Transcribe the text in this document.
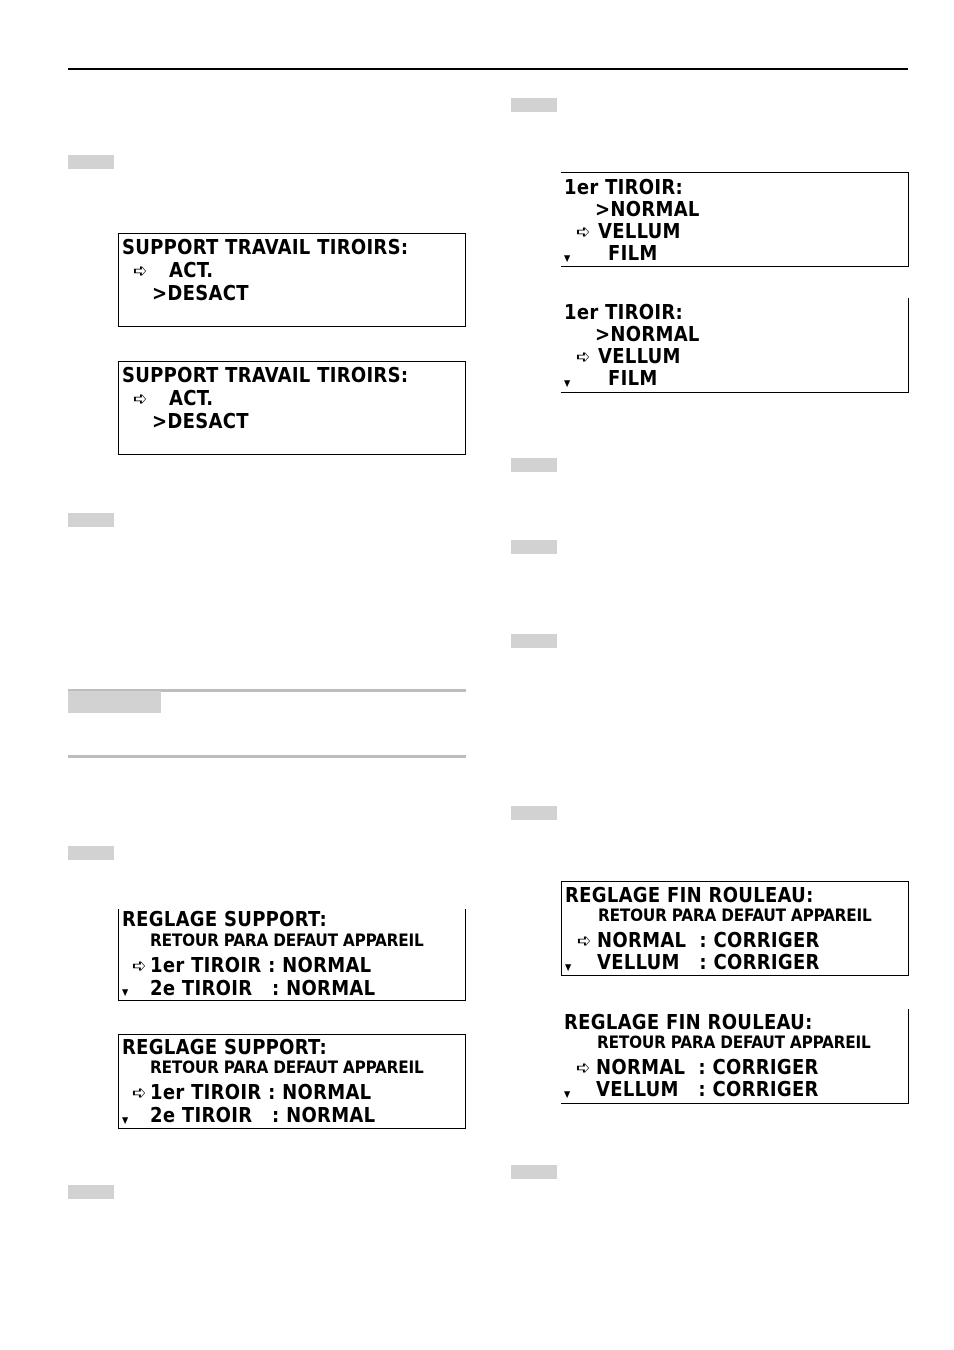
SUPPORT TRAVAIL TIROIRS:
➪ ACT.
>DESACT
SUPPORT TRAVAIL TIROIRS:
➪ ACT.
>DESACT
REGLAGE SUPPORT:
RETOUR PARA DEFAUT APPAREIL
➪ 1er TIROIR : NORMAL
▼ 2e TIROIR   : NORMAL
REGLAGE SUPPORT:
RETOUR PARA DEFAUT APPAREIL
➪ 1er TIROIR : NORMAL
▼ 2e TIROIR   : NORMAL
1er TIROIR:
>NORMAL
➪ VELLUM
▼ FILM
1er TIROIR:
>NORMAL
➪ VELLUM
▼ FILM
REGLAGE FIN ROULEAU:
RETOUR PARA DEFAUT APPAREIL
➪ NORMAL  : CORRIGER
▼ VELLUM   : CORRIGER
REGLAGE FIN ROULEAU:
RETOUR PARA DEFAUT APPAREIL
➪ NORMAL  : CORRIGER
▼ VELLUM   : CORRIGER
